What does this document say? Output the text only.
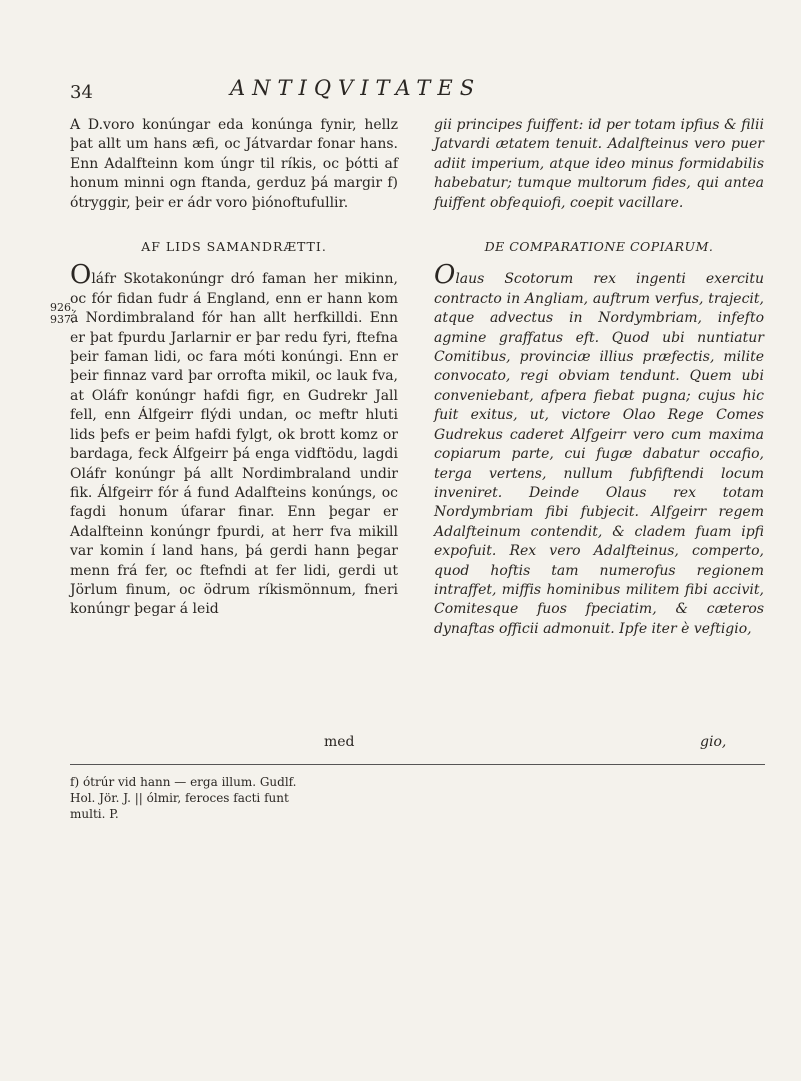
34	ANTIQVITATES
926.
937.

A D.voro konúngar eda konúnga fynir, hellz þat allt um hans æfi, oc Játvardar fonar hans. Enn Adalfteinn kom úngr til ríkis, oc þótti af honum minni ogn ftanda, gerduz þá margir f) ótryggir, þeir er ádr voro þiónoftufullir.

AF LIDS SAMANDRÆTTI.

Oláfr Skotakonúngr dró faman her mikinn, oc fór fidan fudr á England, enn er hann kom á Nordimbraland fór han allt herfkilldi. Enn er þat fpurdu Jarlarnir er þar redu fyri, ftefna þeir faman lidi, oc fara móti konúngi. Enn er þeir finnaz vard þar orrofta mikil, oc lauk fva, at Oláfr konúngr hafdi figr, en Gudrekr Jall fell, enn Álfgeirr flýdi undan, oc meftr hluti lids þefs er þeim hafdi fylgt, ok brott komz or bardaga, feck Álfgeirr þá enga vidftödu, lagdi Oláfr konúngr þá allt Nordimbraland undir fik. Álfgeirr fór á fund Adalfteins konúngs, oc fagdi honum úfarar finar. Enn þegar er Adalfteinn konúngr fpurdi, at herr fva mikill var komin í land hans, þá gerdi hann þegar menn frá fer, oc ftefndi at fer lidi, gerdi ut Jörlum finum, oc ödrum ríkismönnum, fneri konúngr þegar á leid

gii principes fuiffent: id per totam ipfius & filii Jatvardi ætatem tenuit. Adalfteinus vero puer adiit imperium, atque ideo minus formidabilis habebatur; tumque multorum fides, qui antea fuiffent obfequiofi, coepit vacillare.

DE COMPARATIONE COPIARUM.

Olaus Scotorum rex ingenti exercitu contracto in Angliam, auftrum verfus, trajecit, atque advectus in Nordymbriam, infefto agmine graffatus eft. Quod ubi nuntiatur Comitibus, provinciæ illius præfectis, milite convocato, regi obviam tendunt. Quem ubi conveniebant, afpera fiebat pugna; cujus hic fuit exitus, ut, victore Olao Rege Comes Gudrekus caderet Alfgeirr vero cum maxima copiarum parte, cui fugæ dabatur occafio, terga vertens, nullum fubfiftendi locum inveniret. Deinde Olaus rex totam Nordymbriam fibi fubjecit. Alfgeirr regem Adalfteinum contendit, & cladem fuam ipfi expofuit. Rex vero Adalfteinus, comperto, quod hoftis tam numerofus regionem intraffet, miffis hominibus militem fibi accivit, Comitesque fuos fpeciatim, & cæteros dynaftas officii admonuit. Ipfe iter è veftigio,

med	gio,

f) ótrúr vid hann — erga illum. Gudlf.

Hol. Jör. J. || ólmir, feroces facti funt

multi. P.
